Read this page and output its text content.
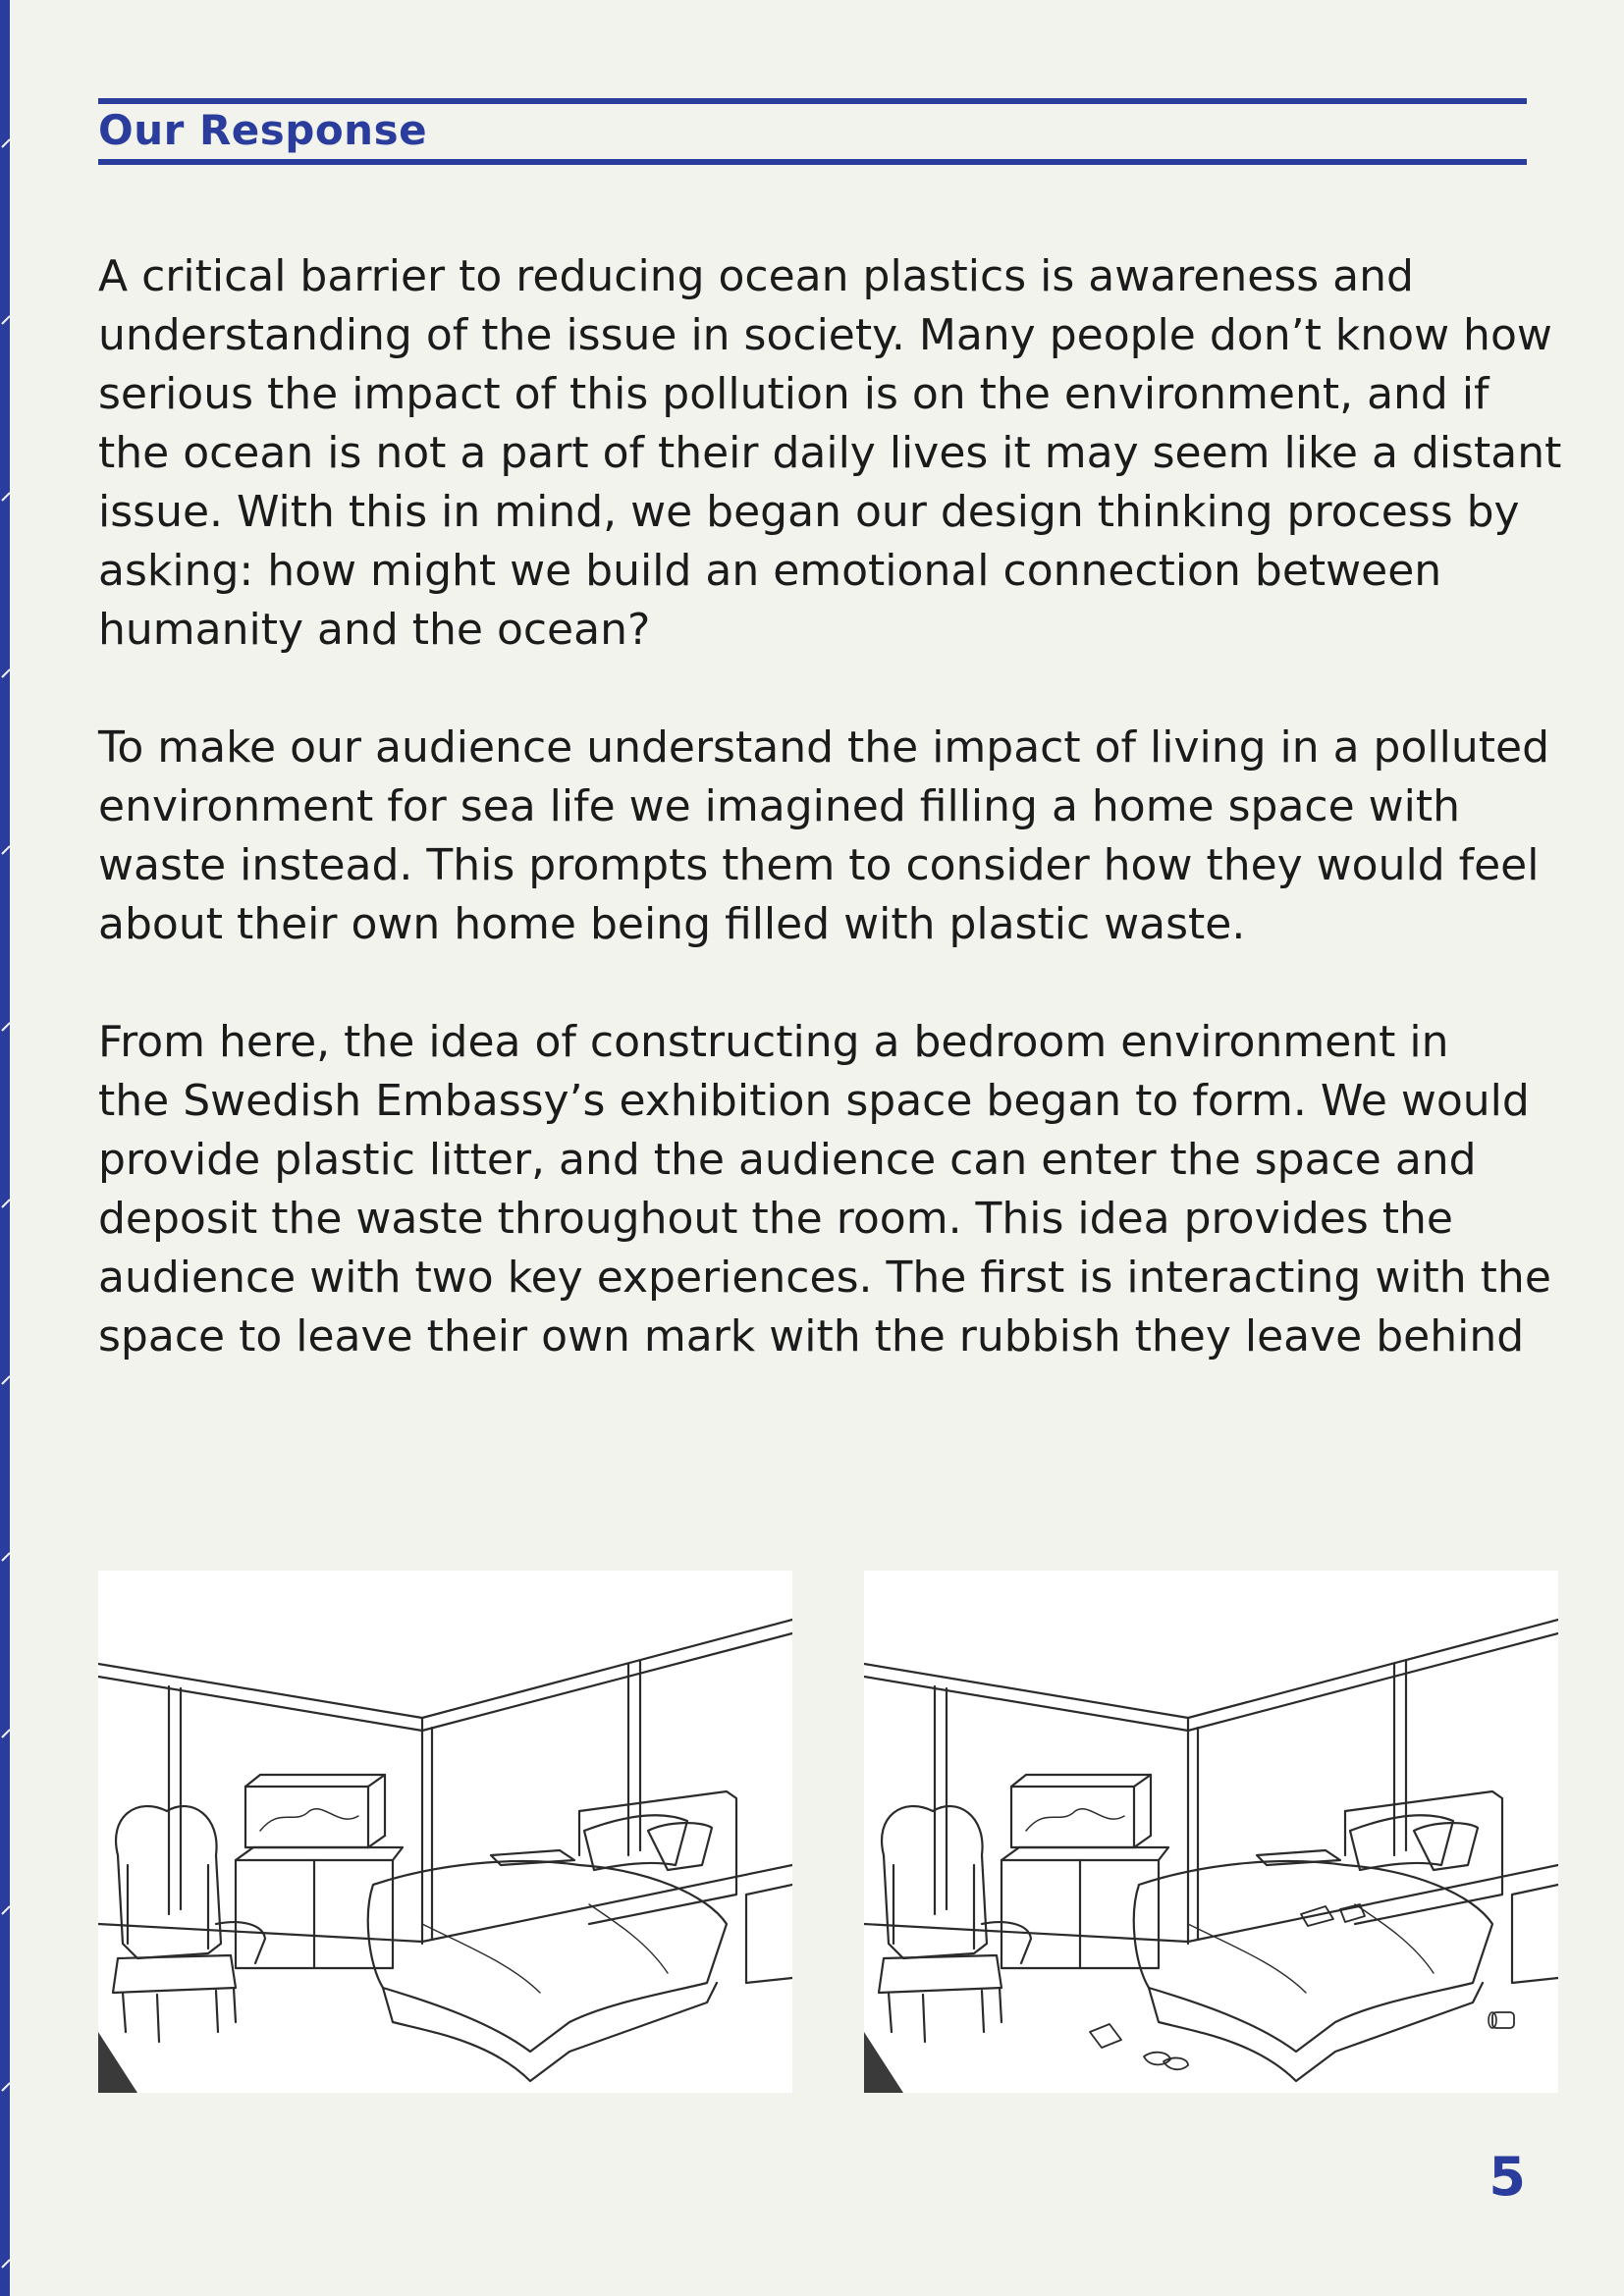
Our Response
A critical barrier to reducing ocean plastics is awareness and
understanding of the issue in society. Many people don’t know how
serious the impact of this pollution is on the environment, and if
the ocean is not a part of their daily lives it may seem like a distant
issue. With this in mind, we began our design thinking process by
asking: how might we build an emotional connection between
humanity and the ocean?
To make our audience understand the impact of living in a polluted
environment for sea life we imagined filling a home space with
waste instead. This prompts them to consider how they would feel
about their own home being filled with plastic waste.
From here, the idea of constructing a bedroom environment in
the Swedish Embassy’s exhibition space began to form. We would
provide plastic litter, and the audience can enter the space and
deposit the waste throughout the room. This idea provides the
audience with two key experiences. The first is interacting with the
space to leave their own mark with the rubbish they leave behind
5
